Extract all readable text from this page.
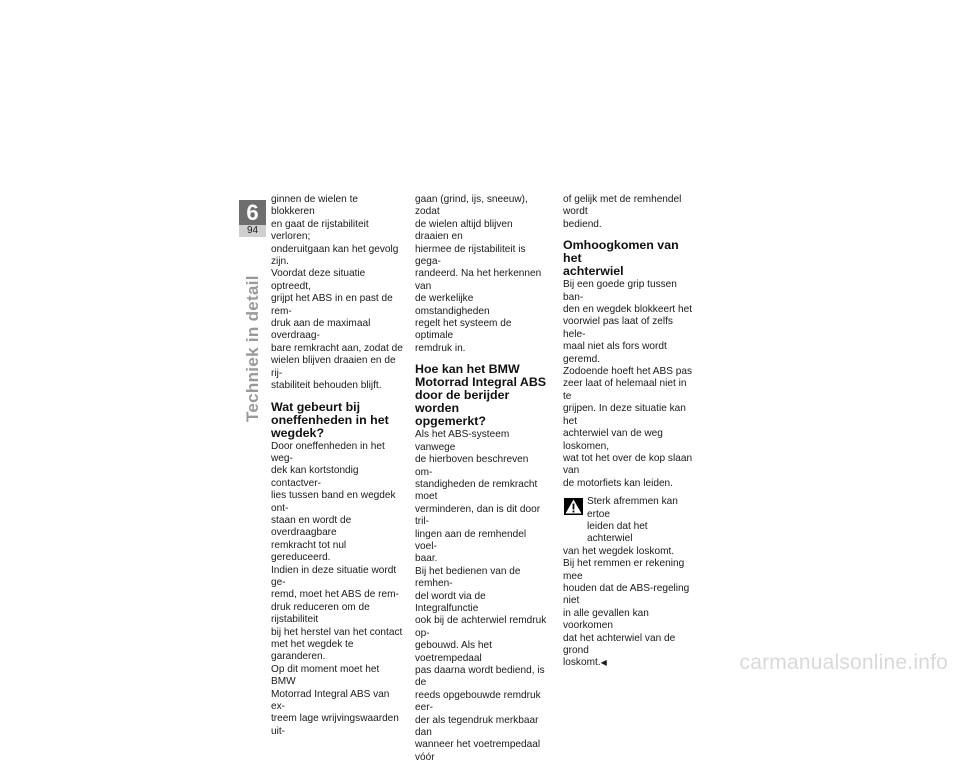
6
94
Techniek in detail

ginnen de wielen te blokkeren
en gaat de rijstabiliteit verloren;
onderuitgaan kan het gevolg zijn.
Voordat deze situatie optreedt,
grijpt het ABS in en past de rem-
druk aan de maximaal overdraag-
bare remkracht aan, zodat de
wielen blijven draaien en de rij-
stabiliteit behouden blijft.

Wat gebeurt bij
oneffenheden in het
wegdek?

Door oneffenheden in het weg-
dek kan kortstondig contactver-
lies tussen band en wegdek ont-
staan en wordt de overdraagbare
remkracht tot nul gereduceerd.
Indien in deze situatie wordt ge-
remd, moet het ABS de rem-
druk reduceren om de rijstabiliteit
bij het herstel van het contact
met het wegdek te garanderen.
Op dit moment moet het BMW
Motorrad Integral ABS van ex-
treem lage wrijvingswaarden uit-

gaan (grind, ijs, sneeuw), zodat
de wielen altijd blijven draaien en
hiermee de rijstabiliteit is gega-
randeerd. Na het herkennen van
de werkelijke omstandigheden
regelt het systeem de optimale
remdruk in.

Hoe kan het BMW
Motorrad Integral ABS
door de berijder worden
opgemerkt?

Als het ABS-systeem vanwege
de hierboven beschreven om-
standigheden de remkracht moet
verminderen, dan is dit door tril-
lingen aan de remhendel voel-
baar.
Bij het bedienen van de remhen-
del wordt via de Integralfunctie
ook bij de achterwiel remdruk op-
gebouwd. Als het voetrempedaal
pas daarna wordt bediend, is de
reeds opgebouwde remdruk eer-
der als tegendruk merkbaar dan
wanneer het voetrempedaal vóór

of gelijk met de remhendel wordt
bediend.

Omhoogkomen van het
achterwiel

Bij een goede grip tussen ban-
den en wegdek blokkeert het
voorwiel pas laat of zelfs hele-
maal niet als fors wordt geremd.
Zodoende hoeft het ABS pas
zeer laat of helemaal niet in te
grijpen. In deze situatie kan het
achterwiel van de weg loskomen,
wat tot het over de kop slaan van
de motorfiets kan leiden.

Sterk afremmen kan ertoe
leiden dat het achterwiel

van het wegdek loskomt.
Bij het remmen er rekening mee
houden dat de ABS-regeling niet
in alle gevallen kan voorkomen
dat het achterwiel van de grond
loskomt.◀	carmanualsonline.info
